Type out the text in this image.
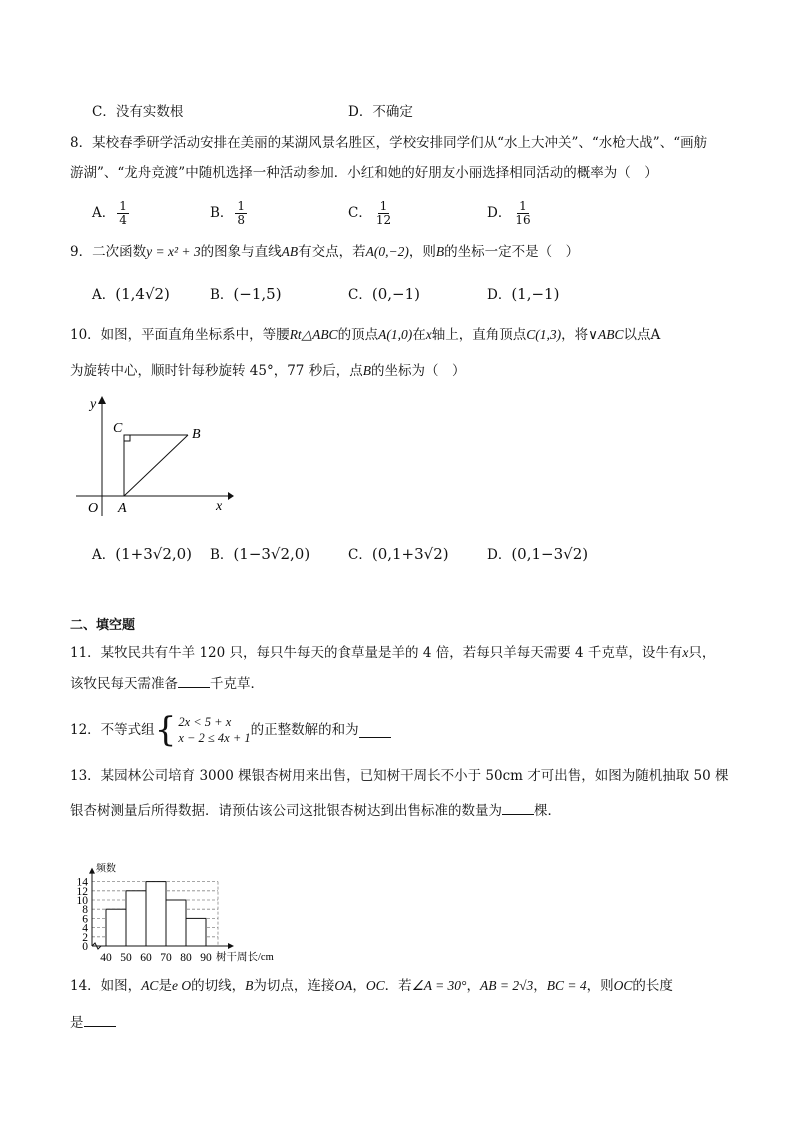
C．没有实数根	D．不确定
8．某校春季研学活动安排在美丽的某湖风景名胜区，学校安排同学们从“水上大冲关”、“水枪大战”、“画舫
游湖”、“龙舟竞渡”中随机选择一种活动参加．小红和她的好朋友小丽选择相同活动的概率为（　）
A． $\frac{1}{4}$	B． $\frac{1}{8}$	C． $\frac{1}{12}$	D． $\frac{1}{16}$
9．二次函数y = x² + 3的图象与直线AB有交点，若A(0,−2)，则B的坐标一定不是（　）
A．(1,4√2)	B．(−1,5)	C．(0,−1)	D．(1,−1)
10．如图，平面直角坐标系中，等腰Rt△ABC的顶点A(1,0)在x轴上，直角顶点C(1,3)，将∨ABC以点A
为旋转中心，顺时针每秒旋转 45°，77 秒后，点B的坐标为（　）
y
x
O A
B
C
A．(1+3√2,0) B．(1−3√2,0)	C．(0,1+3√2)	D．(0,1−3√2)
二、填空题
11．某牧民共有牛羊 120 只，每只牛每天的食草量是羊的 4 倍，若每只羊每天需要 4 千克草，设牛有x只，
该牧民每天需准备 千克草．
12．不等式组 { 2x < 5 + x
x − 2 ≤ 4x + 1 的正整数解的和为
13．某园林公司培育 3000 棵银杏树用来出售，已知树干周长不小于 50cm 才可出售，如图为随机抽取 50 棵
银杏树测量后所得数据．请预估该公司这批银杏树达到出售标准的数量为 棵．
0
2
4
6
8
10
12
14
40 50 60 70 80 90
频数
树干周长/cm
14．如图，AC是e O的切线，B为切点，连接OA，OC．若∠A = 30°，AB = 2√3，BC = 4，则OC的长度
是
